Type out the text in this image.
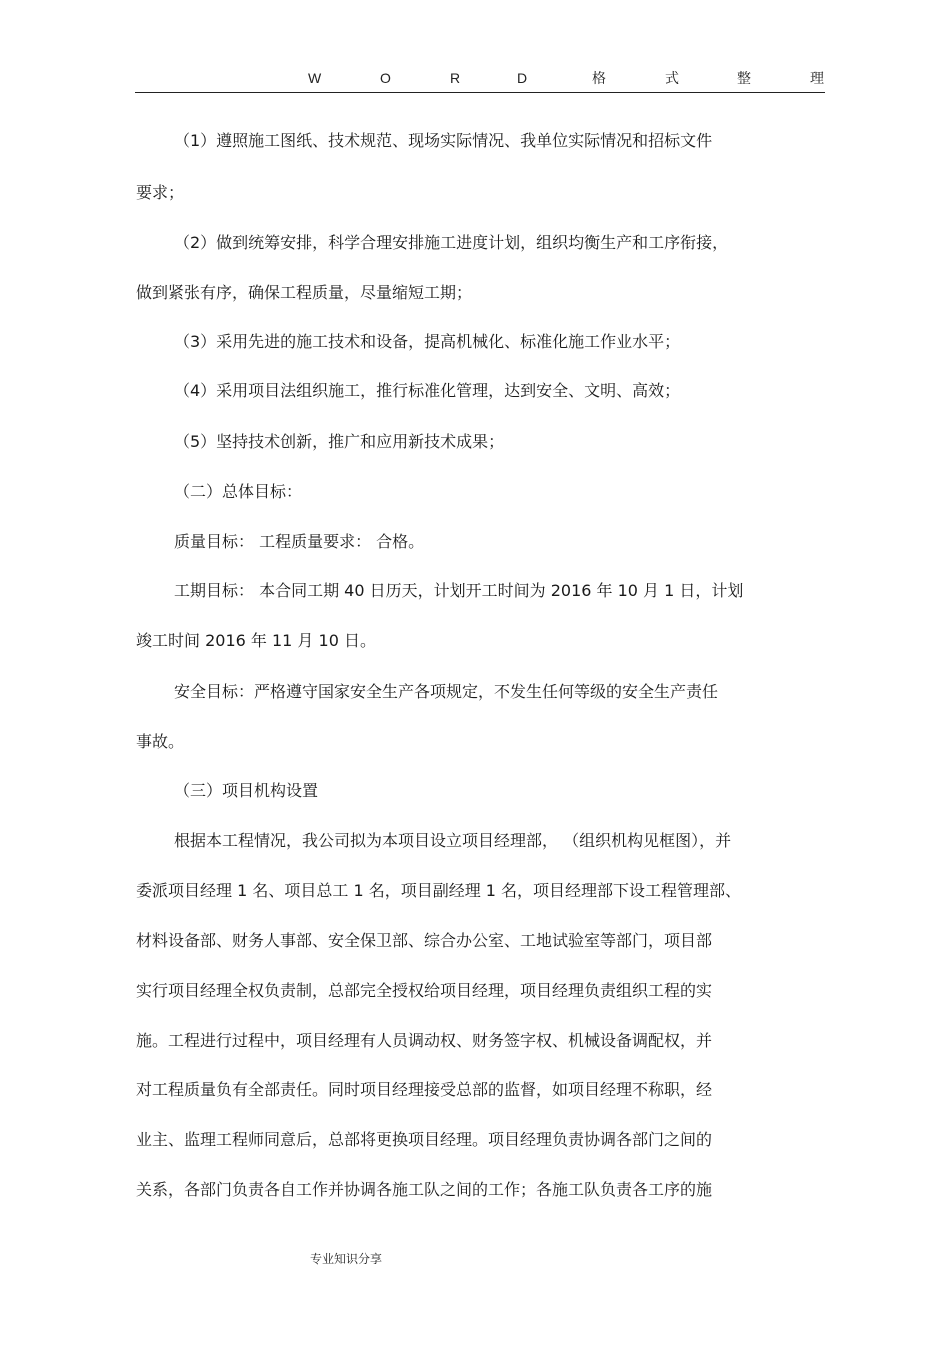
W	O	R	D	格	式	整	理
（1）遵照施工图纸、技术规范、现场实际情况、我单位实际情况和招标文件
要求；
（2）做到统筹安排，科学合理安排施工进度计划，组织均衡生产和工序衔接，
做到紧张有序，确保工程质量，尽量缩短工期；
（3）采用先进的施工技术和设备，提高机械化、标准化施工作业水平；
（4）采用项目法组织施工，推行标准化管理，达到安全、文明、高效；
（5）坚持技术创新，推广和应用新技术成果；
（二）总体目标：
质量目标： 工程质量要求： 合格。
工期目标： 本合同工期 40 日历天，计划开工时间为 2016 年 10 月 1 日，计划
竣工时间 2016 年 11 月 10 日。
安全目标：严格遵守国家安全生产各项规定，不发生任何等级的安全生产责任
事故。
（三）项目机构设置
根据本工程情况，我公司拟为本项目设立项目经理部， （组织机构见框图），并
委派项目经理 1 名、项目总工 1 名，项目副经理 1 名，项目经理部下设工程管理部、
材料设备部、财务人事部、安全保卫部、综合办公室、工地试验室等部门，项目部
实行项目经理全权负责制，总部完全授权给项目经理，项目经理负责组织工程的实
施。工程进行过程中，项目经理有人员调动权、财务签字权、机械设备调配权，并
对工程质量负有全部责任。同时项目经理接受总部的监督，如项目经理不称职，经
业主、监理工程师同意后，总部将更换项目经理。项目经理负责协调各部门之间的
关系，各部门负责各自工作并协调各施工队之间的工作；各施工队负责各工序的施
专业知识分享
